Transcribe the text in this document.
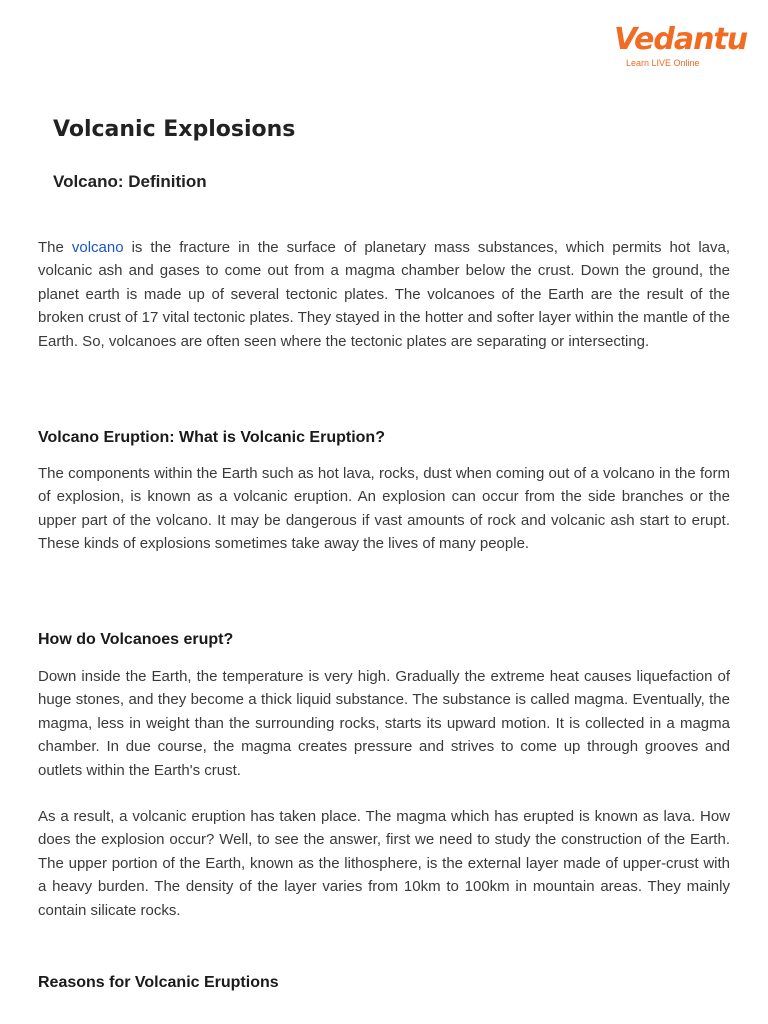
Vedantu
Learn LIVE Online
Volcanic Explosions
Volcano: Definition

The volcano is the fracture in the surface of planetary mass substances, which permits hot lava, volcanic ash and gases to come out from a magma chamber below the crust. Down the ground, the planet earth is made up of several tectonic plates. The volcanoes of the Earth are the result of the broken crust of 17 vital tectonic plates. They stayed in the hotter and softer layer within the mantle of the Earth. So, volcanoes are often seen where the tectonic plates are separating or intersecting.

Volcano Eruption: What is Volcanic Eruption?

The components within the Earth such as hot lava, rocks, dust when coming out of a volcano in the form of explosion, is known as a volcanic eruption. An explosion can occur from the side branches or the upper part of the volcano. It may be dangerous if vast amounts of rock and volcanic ash start to erupt. These kinds of explosions sometimes take away the lives of many people.

How do Volcanoes erupt?

Down inside the Earth, the temperature is very high. Gradually the extreme heat causes liquefaction of huge stones, and they become a thick liquid substance. The substance is called magma. Eventually, the magma, less in weight than the surrounding rocks, starts its upward motion. It is collected in a magma chamber. In due course, the magma creates pressure and strives to come up through grooves and outlets within the Earth's crust.

As a result, a volcanic eruption has taken place. The magma which has erupted is known as lava. How does the explosion occur? Well, to see the answer, first we need to study the construction of the Earth. The upper portion of the Earth, known as the lithosphere, is the external layer made of upper-crust with a heavy burden. The density of the layer varies from 10km to 100km in mountain areas. They mainly contain silicate rocks.

Reasons for Volcanic Eruptions
